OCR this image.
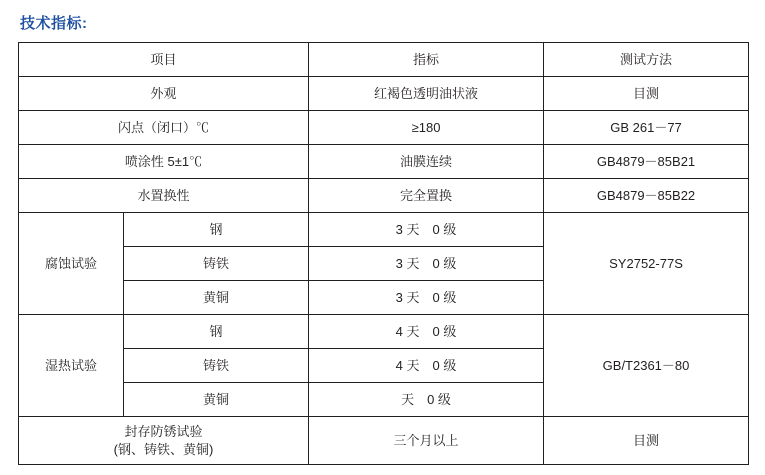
技术指标:
项目		指标	测试方法
外观		红褐色透明油状液	目测
闪点（闭口）℃		≥180	GB 261－77
喷涂性 5±1℃		油膜连续	GB4879－85B21
水置换性		完全置换	GB4879－85B22
腐蚀试验	钢	3 天　0 级	SY2752-77S
	铸铁	3 天　0 级	
	黄铜	3 天　0 级	
湿热试验	钢	4 天　0 级	GB/T2361－80
	铸铁	4 天　0 级	
	黄铜	天　0 级	

封存防锈试验
(钢、铸铁、黄铜)		三个月以上	目测
